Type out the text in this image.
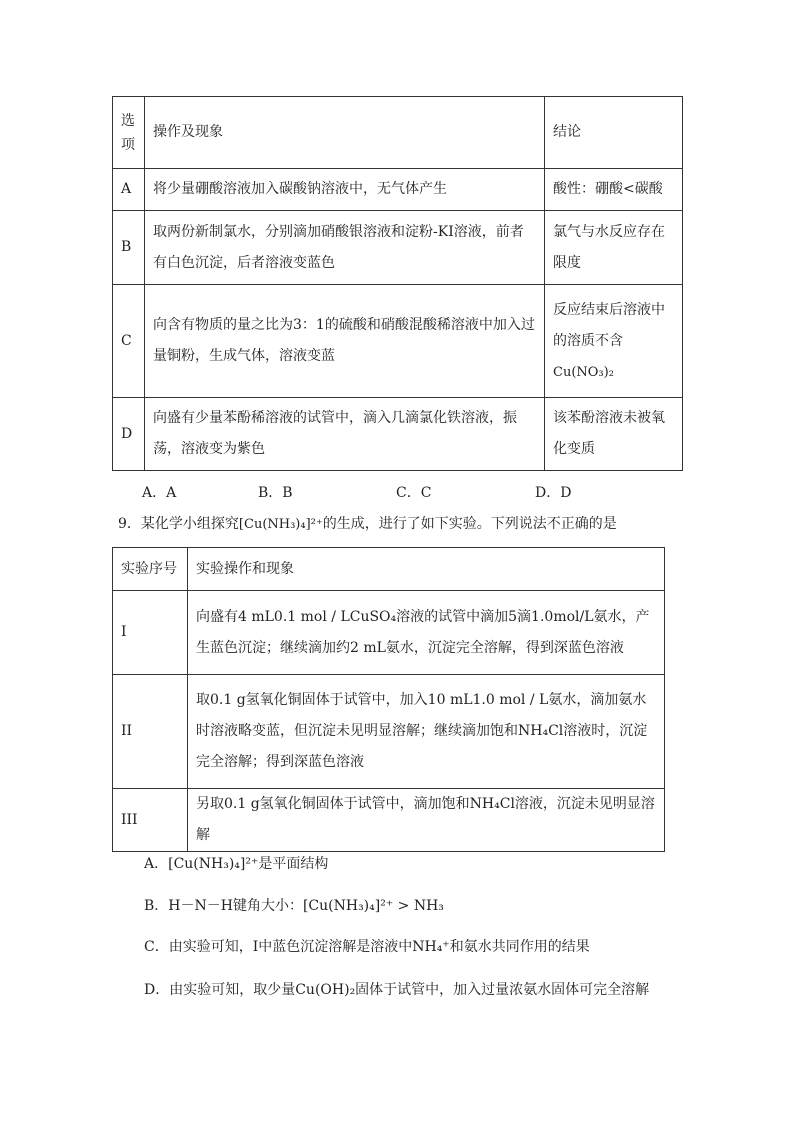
选
项	操作及现象	结论
A	将少量硼酸溶液加入碳酸钠溶液中，无气体产生	酸性：硼酸<碳酸
B	取两份新制氯水，分别滴加硝酸银溶液和淀粉-KI溶液，前者有白色沉淀，后者溶液变蓝色	氯气与水反应存在限度
C	向含有物质的量之比为3：1的硫酸和硝酸混酸稀溶液中加入过量铜粉，生成气体，溶液变蓝	反应结束后溶液中
的溶质不含
Cu(NO₃)₂

D	向盛有少量苯酚稀溶液的试管中，滴入几滴氯化铁溶液，振荡，溶液变为紫色	该苯酚溶液未被氧化变质
A．A	B．B	C．C	D．D
9．某化学小组探究[Cu(NH₃)₄]²⁺的生成，进行了如下实验。下列说法不正确的是
实验序号	实验操作和现象
I	向盛有4 mL0.1 mol / LCuSO₄溶液的试管中滴加5滴1.0mol/L氨水，产生蓝色沉淀；继续滴加约2 mL氨水，沉淀完全溶解，得到深蓝色溶液
II	取0.1 g氢氧化铜固体于试管中，加入10 mL1.0 mol / L氨水，滴加氨水时溶液略变蓝，但沉淀未见明显溶解；继续滴加饱和NH₄Cl溶液时，沉淀完全溶解；得到深蓝色溶液
III	另取0.1 g氢氧化铜固体于试管中，滴加饱和NH₄Cl溶液，沉淀未见明显溶解
A．[Cu(NH₃)₄]²⁺是平面结构
B．H－N－H键角大小：[Cu(NH₃)₄]²⁺ > NH₃
C．由实验可知，I中蓝色沉淀溶解是溶液中NH₄⁺和氨水共同作用的结果
D．由实验可知，取少量Cu(OH)₂固体于试管中，加入过量浓氨水固体可完全溶解
